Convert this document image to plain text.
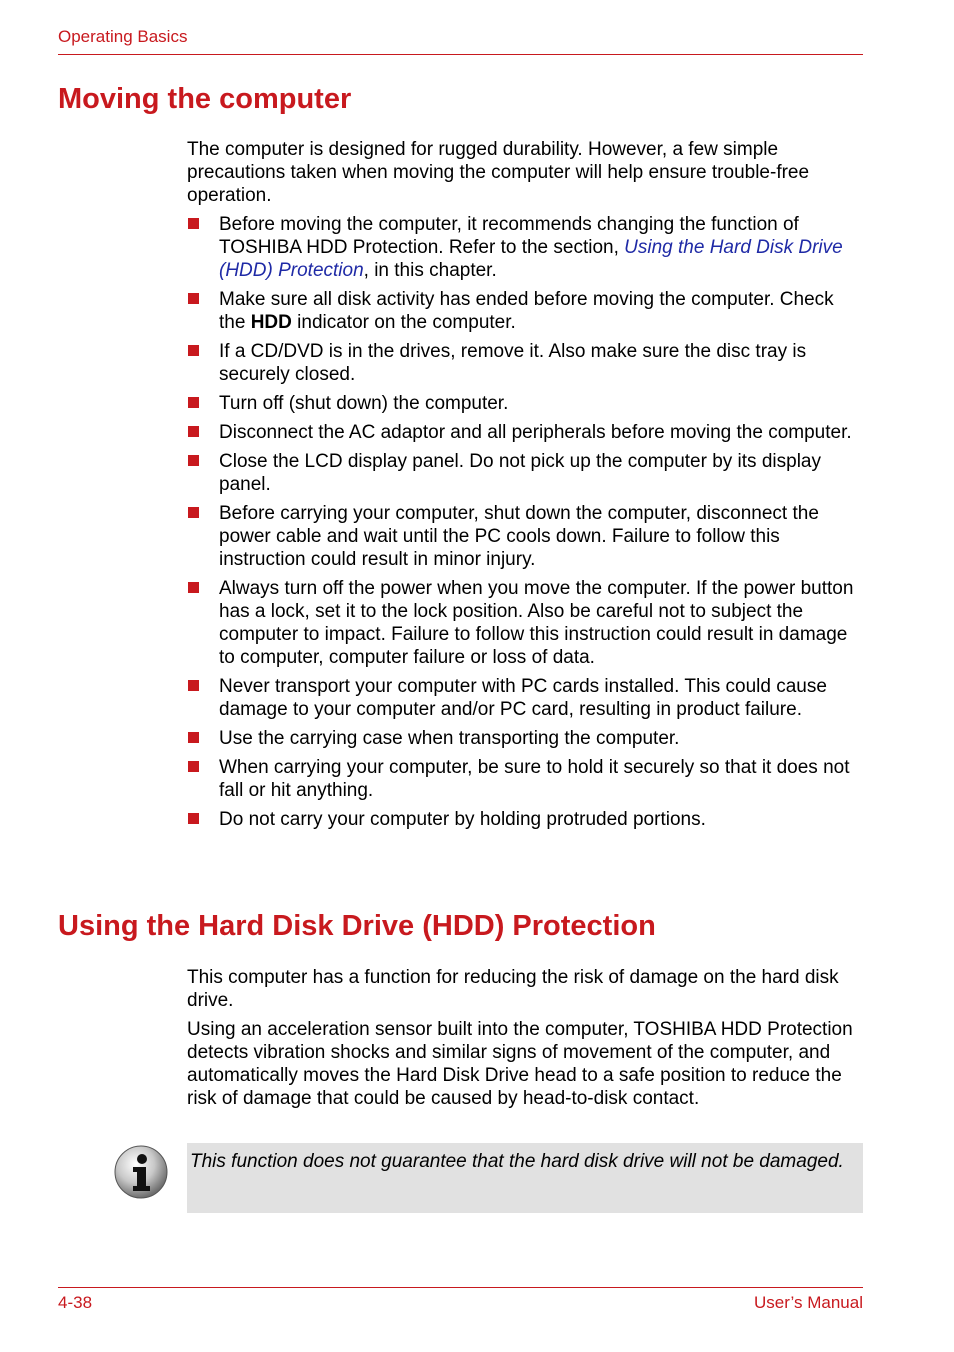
Operating Basics
Moving the computer

The computer is designed for rugged durability. However, a few simple precautions taken when moving the computer will help ensure trouble-free operation.

Before moving the computer, it recommends changing the function of TOSHIBA HDD Protection. Refer to the section, Using the Hard Disk Drive (HDD) Protection, in this chapter.
Make sure all disk activity has ended before moving the computer. Check the HDD indicator on the computer.
If a CD/DVD is in the drives, remove it. Also make sure the disc tray is securely closed.
Turn off (shut down) the computer.
Disconnect the AC adaptor and all peripherals before moving the computer.
Close the LCD display panel. Do not pick up the computer by its display panel.
Before carrying your computer, shut down the computer, disconnect the power cable and wait until the PC cools down. Failure to follow this instruction could result in minor injury.
Always turn off the power when you move the computer. If the power button has a lock, set it to the lock position. Also be careful not to subject the computer to impact. Failure to follow this instruction could result in damage to computer, computer failure or loss of data.
Never transport your computer with PC cards installed. This could cause damage to your computer and/or PC card, resulting in product failure.
Use the carrying case when transporting the computer.
When carrying your computer, be sure to hold it securely so that it does not fall or hit anything.
Do not carry your computer by holding protruded portions.
Using the Hard Disk Drive (HDD) Protection

This computer has a function for reducing the risk of damage on the hard disk drive.

Using an acceleration sensor built into the computer, TOSHIBA HDD Protection detects vibration shocks and similar signs of movement of the computer, and automatically moves the Hard Disk Drive head to a safe position to reduce the risk of damage that could be caused by head-to-disk contact.

This function does not guarantee that the hard disk drive will not be damaged.
4-38	User’s Manual
